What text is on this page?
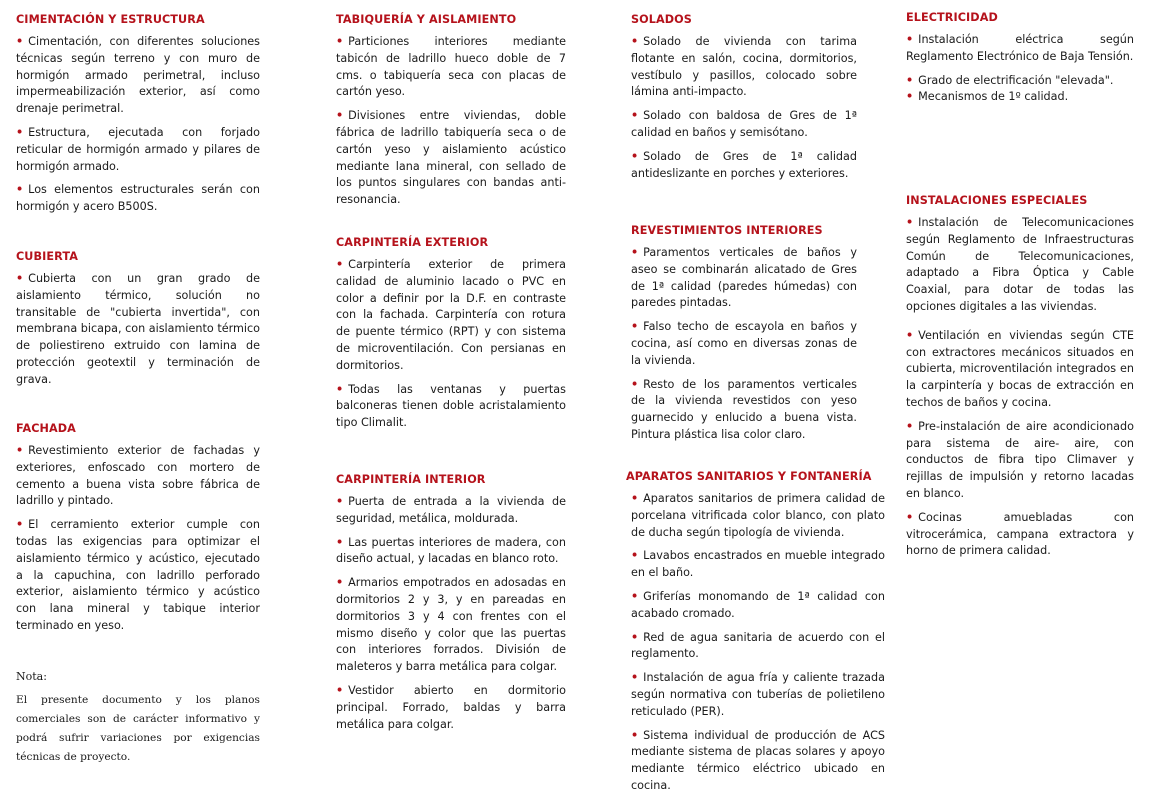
CIMENTACIÓN Y ESTRUCTURA

• Cimentación, con diferentes soluciones técnicas según terreno y con muro de hormigón armado perimetral, incluso impermeabilización exterior, así como drenaje perimetral.

• Estructura, ejecutada con forjado reticular de hormigón armado y pilares de hormigón armado.

• Los elementos estructurales serán con hormigón y acero B500S.

CUBIERTA

• Cubierta con un gran grado de aislamiento térmico, solución no transitable de "cubierta invertida", con membrana bicapa, con aislamiento térmico de poliestireno extruido con lamina de protección geotextil y terminación de grava.

FACHADA

• Revestimiento exterior de fachadas y exteriores, enfoscado con mortero de cemento a buena vista sobre fábrica de ladrillo y pintado.

• El cerramiento exterior cumple con todas las exigencias para optimizar el aislamiento térmico y acústico, ejecutado a la capuchina, con ladrillo perforado exterior, aislamiento térmico y acústico con lana mineral y tabique interior terminado en yeso.

Nota:

El presente documento y los planos comerciales son de carácter informativo y podrá sufrir variaciones por exigencias técnicas de proyecto.

TABIQUERÍA Y AISLAMIENTO

• Particiones interiores mediante tabicón de ladrillo hueco doble de 7 cms. o tabiquería seca con placas de cartón yeso.

• Divisiones entre viviendas, doble fábrica de ladrillo tabiquería seca o de cartón yeso y aislamiento acústico mediante lana mineral, con sellado de los puntos singulares con bandas anti-resonancia.

CARPINTERÍA EXTERIOR

• Carpintería exterior de primera calidad de aluminio lacado o PVC en color a definir por la D.F. en contraste con la fachada. Carpintería con rotura de puente térmico (RPT) y con sistema de microventilación. Con persianas en dormitorios.

• Todas las ventanas y puertas balconeras tienen doble acristalamiento tipo Climalit.

CARPINTERÍA INTERIOR

• Puerta de entrada a la vivienda de seguridad, metálica, moldurada.

• Las puertas interiores de madera, con diseño actual, y lacadas en blanco roto.

• Armarios empotrados en adosadas en dormitorios 2 y 3, y en pareadas en dormitorios 3 y 4 con frentes con el mismo diseño y color que las puertas con interiores forrados. División de maleteros y barra metálica para colgar.

• Vestidor abierto en dormitorio principal. Forrado, baldas y barra metálica para colgar.

SOLADOS

• Solado de vivienda con tarima flotante en salón, cocina, dormitorios, vestíbulo y pasillos, colocado sobre lámina anti-impacto.

• Solado con baldosa de Gres de 1ª calidad en baños y semisótano.

• Solado de Gres de 1ª calidad antideslizante en porches y exteriores.

REVESTIMIENTOS INTERIORES

• Paramentos verticales de baños y aseo se combinarán alicatado de Gres de 1ª calidad (paredes húmedas) con paredes pintadas.

• Falso techo de escayola en baños y cocina, así como en diversas zonas de la vivienda.

• Resto de los paramentos verticales de la vivienda revestidos con yeso guarnecido y enlucido a buena vista. Pintura plástica lisa color claro.

APARATOS SANITARIOS Y FONTANERÍA

• Aparatos sanitarios de primera calidad de porcelana vitrificada color blanco, con plato de ducha según tipología de vivienda.

• Lavabos encastrados en mueble integrado en el baño.

• Griferías monomando de 1ª calidad con acabado cromado.

• Red de agua sanitaria de acuerdo con el reglamento.

• Instalación de agua fría y caliente trazada según normativa con tuberías de polietileno reticulado (PER).

• Sistema individual de producción de ACS mediante sistema de placas solares y apoyo mediante térmico eléctrico ubicado en cocina.

ELECTRICIDAD

• Instalación eléctrica según Reglamento Electrónico de Baja Tensión.

• Grado de electrificación "elevada".

• Mecanismos de 1º calidad.

INSTALACIONES ESPECIALES

• Instalación de Telecomunicaciones según Reglamento de Infraestructuras Común de Telecomunicaciones, adaptado a Fibra Óptica y Cable Coaxial, para dotar de todas las opciones digitales a las viviendas.

• Ventilación en viviendas según CTE con extractores mecánicos situados en cubierta, microventilación integrados en la carpintería y bocas de extracción en techos de baños y cocina.

• Pre-instalación de aire acondicionado para sistema de aire- aire, con conductos de fibra tipo Climaver y rejillas de impulsión y retorno lacadas en blanco.

• Cocinas amuebladas con vitrocerámica, campana extractora y horno de primera calidad.
